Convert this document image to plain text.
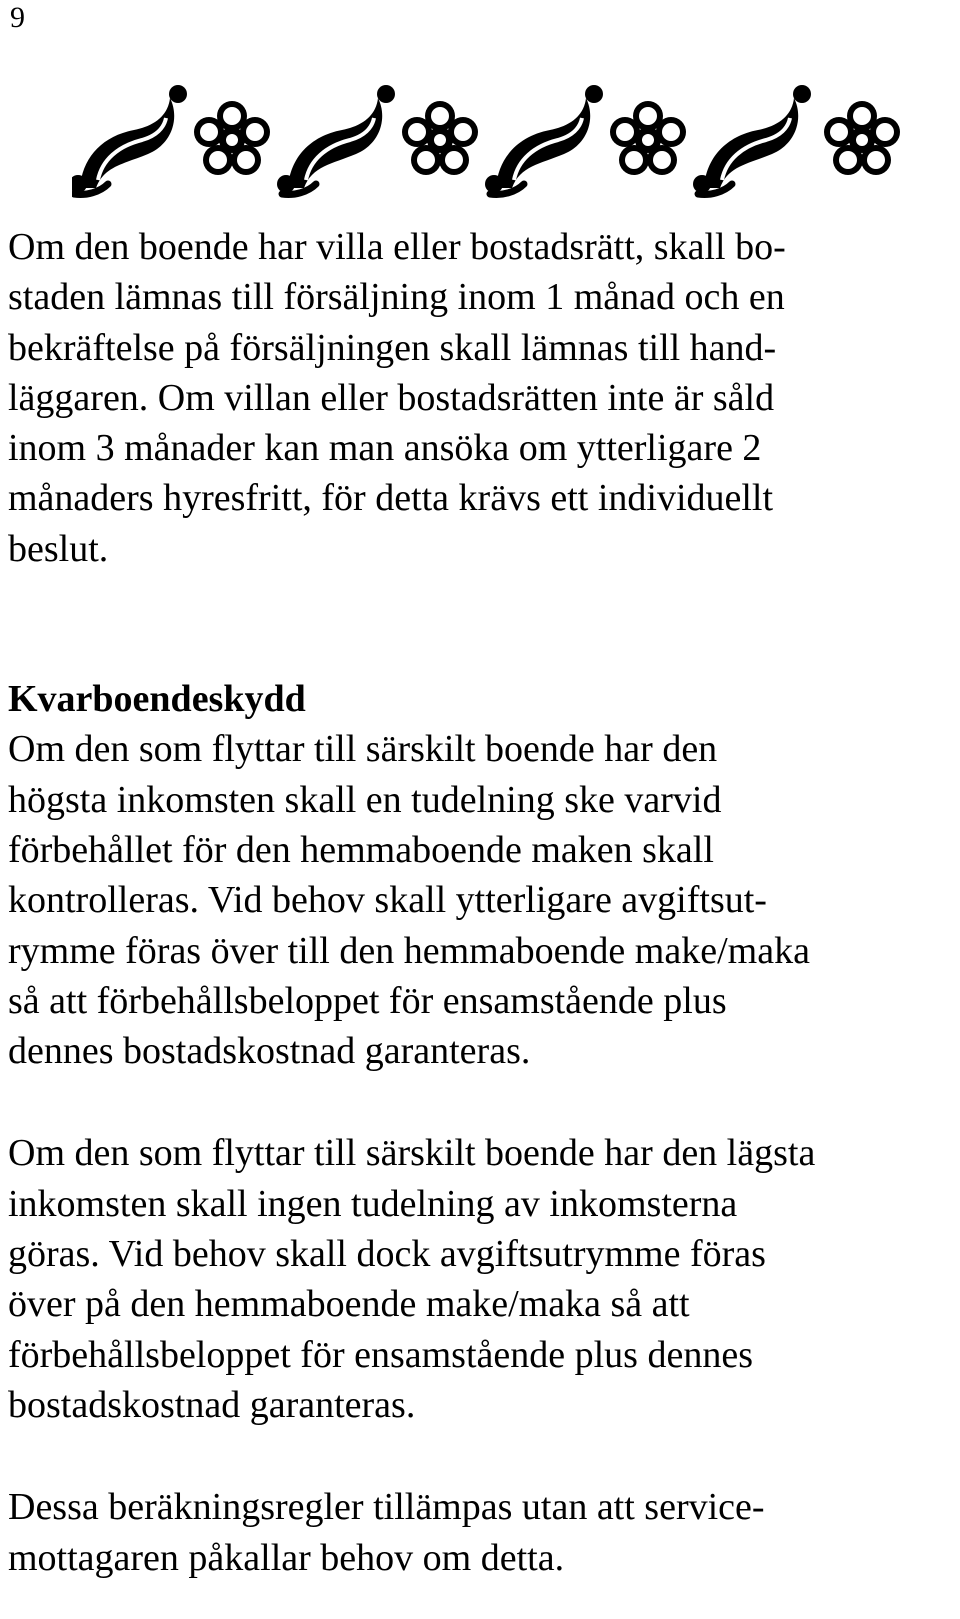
9

Om den boende har villa eller bostadsrätt, skall bo-
staden lämnas till försäljning inom 1 månad och en
bekräftelse på försäljningen skall lämnas till hand-
läggaren. Om villan eller bostadsrätten inte är såld
inom 3 månader kan man ansöka om ytterligare 2
månaders hyresfritt, för detta krävs ett individuellt
beslut.

Kvarboendeskydd
Om den som flyttar till särskilt boende har den
högsta inkomsten skall en tudelning ske varvid
förbehållet för den hemmaboende maken skall
kontrolleras. Vid behov skall ytterligare avgiftsut-
rymme föras över till den hemmaboende make/maka
så att förbehållsbeloppet för ensamstående plus
dennes bostadskostnad garanteras.

Om den som flyttar till särskilt boende har den lägsta
inkomsten skall ingen tudelning av inkomsterna
göras. Vid behov skall dock avgiftsutrymme föras
över på den hemmaboende make/maka så att
förbehållsbeloppet för ensamstående plus dennes
bostadskostnad garanteras.

Dessa beräkningsregler tillämpas utan att service-
mottagaren påkallar behov om detta.
